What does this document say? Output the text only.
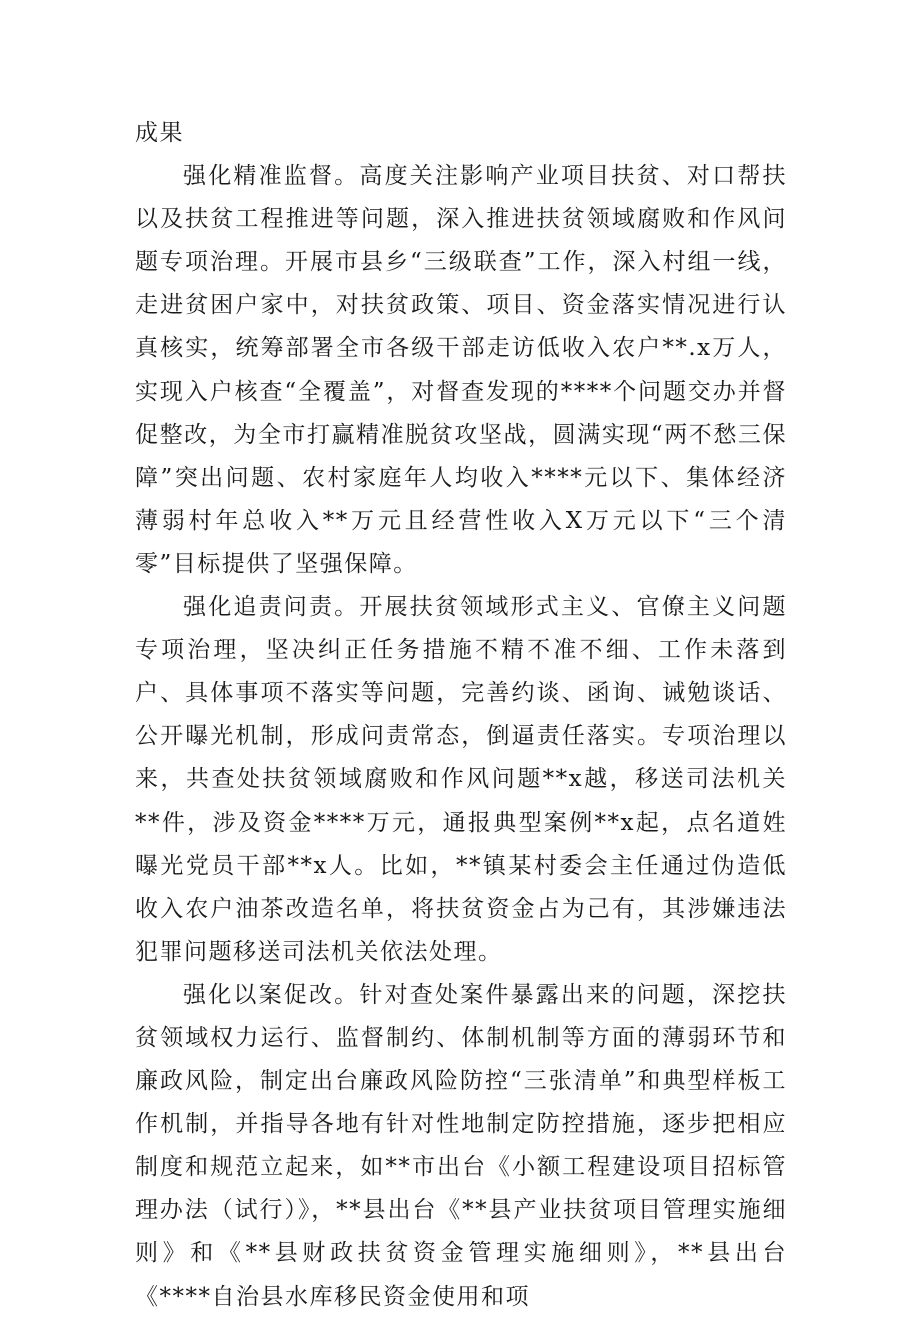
成果

强化精准监督。高度关注影响产业项目扶贫、对口帮扶以及扶贫工程推进等问题，深入推进扶贫领域腐败和作风问题专项治理。开展市县乡“三级联查”工作，深入村组一线，走进贫困户家中，对扶贫政策、项目、资金落实情况进行认真核实，统筹部署全市各级干部走访低收入农户**.x万人，实现入户核查“全覆盖”，对督查发现的****个问题交办并督促整改，为全市打赢精准脱贫攻坚战，圆满实现“两不愁三保障”突出问题、农村家庭年人均收入****元以下、集体经济薄弱村年总收入**万元且经营性收入X万元以下“三个清零”目标提供了坚强保障。

强化追责问责。开展扶贫领域形式主义、官僚主义问题专项治理，坚决纠正任务措施不精不准不细、工作未落到户、具体事项不落实等问题，完善约谈、函询、诫勉谈话、公开曝光机制，形成问责常态，倒逼责任落实。专项治理以来，共查处扶贫领域腐败和作风问题**x越，移送司法机关**件，涉及资金****万元，通报典型案例**x起，点名道姓曝光党员干部**x人。比如，**镇某村委会主任通过伪造低收入农户油茶改造名单，将扶贫资金占为己有，其涉嫌违法犯罪问题移送司法机关依法处理。

强化以案促改。针对查处案件暴露出来的问题，深挖扶贫领域权力运行、监督制约、体制机制等方面的薄弱环节和廉政风险，制定出台廉政风险防控“三张清单”和典型样板工作机制，并指导各地有针对性地制定防控措施，逐步把相应制度和规范立起来，如**市出台《小额工程建设项目招标管理办法（试行）》，**县出台《**县产业扶贫项目管理实施细则》和《**县财政扶贫资金管理实施细则》，**县出台《****自治县水库移民资金使用和项
